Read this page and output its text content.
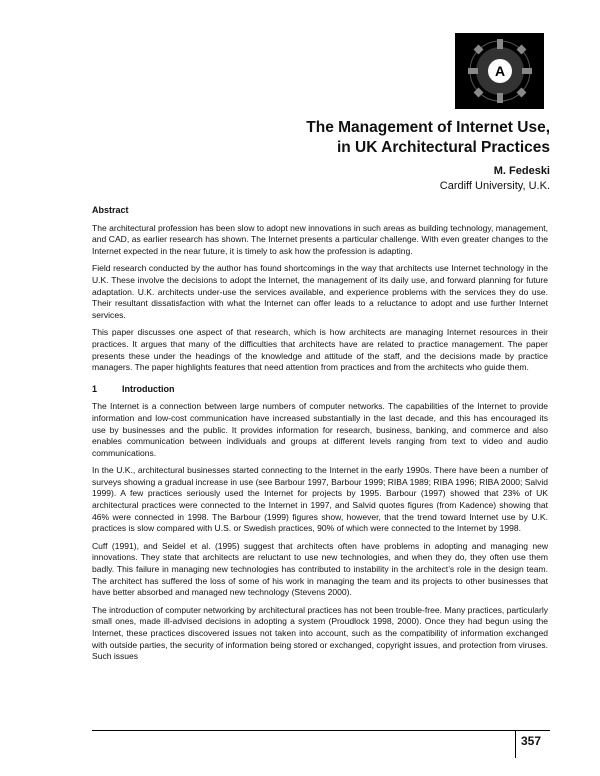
A
The Management of Internet Use,
in UK Architectural Practices
M. Fedeski
Cardiff University, U.K.
Abstract

The architectural profession has been slow to adopt new innovations in such areas as building technology, management, and CAD, as earlier research has shown. The Internet presents a particular challenge. With even greater changes to the Internet expected in the near future, it is timely to ask how the profession is adapting.

Field research conducted by the author has found shortcomings in the way that architects use Internet technology in the U.K. These involve the decisions to adopt the Internet, the management of its daily use, and forward planning for future adaptation. U.K. architects under-use the services available, and experience problems with the services they do use. Their resultant dissatisfaction with what the Internet can offer leads to a reluctance to adopt and use further Internet services.

This paper discusses one aspect of that research, which is how architects are managing Internet resources in their practices. It argues that many of the difficulties that architects have are related to practice management. The paper presents these under the headings of the knowledge and attitude of the staff, and the decisions made by practice managers. The paper highlights features that need attention from practices and from the architects who guide them.

1	Introduction

The Internet is a connection between large numbers of computer networks. The capabilities of the Internet to provide information and low-cost communication have increased substantially in the last decade, and this has encouraged its use by businesses and the public. It provides information for research, business, banking, and commerce and also enables communication between individuals and groups at different levels ranging from text to video and audio communications.

In the U.K., architectural businesses started connecting to the Internet in the early 1990s. There have been a number of surveys showing a gradual increase in use (see Barbour 1997, Barbour 1999; RIBA 1989; RIBA 1996; RIBA 2000; Salvid 1999). A few practices seriously used the Internet for projects by 1995. Barbour (1997) showed that 23% of UK architectural practices were connected to the Internet in 1997, and Salvid quotes figures (from Kadence) showing that 46% were connected in 1998. The Barbour (1999) figures show, however, that the trend toward Internet use by U.K. practices is slow compared with U.S. or Swedish practices, 90% of which were connected to the Internet by 1998.

Cuff (1991), and Seidel et al. (1995) suggest that architects often have problems in adopting and managing new innovations. They state that architects are reluctant to use new technologies, and when they do, they often use them badly. This failure in managing new technologies has contributed to instability in the architect’s role in the design team. The architect has suffered the loss of some of his work in managing the team and its projects to other businesses that have better absorbed and managed new technology (Stevens 2000).

The introduction of computer networking by architectural practices has not been trouble-free. Many practices, particularly small ones, made ill-advised decisions in adopting a system (Proudlock 1998, 2000). Once they had begun using the Internet, these practices discovered issues not taken into account, such as the compatibility of information exchanged with outside parties, the security of information being stored or exchanged, copyright issues, and protection from viruses. Such issues

357
